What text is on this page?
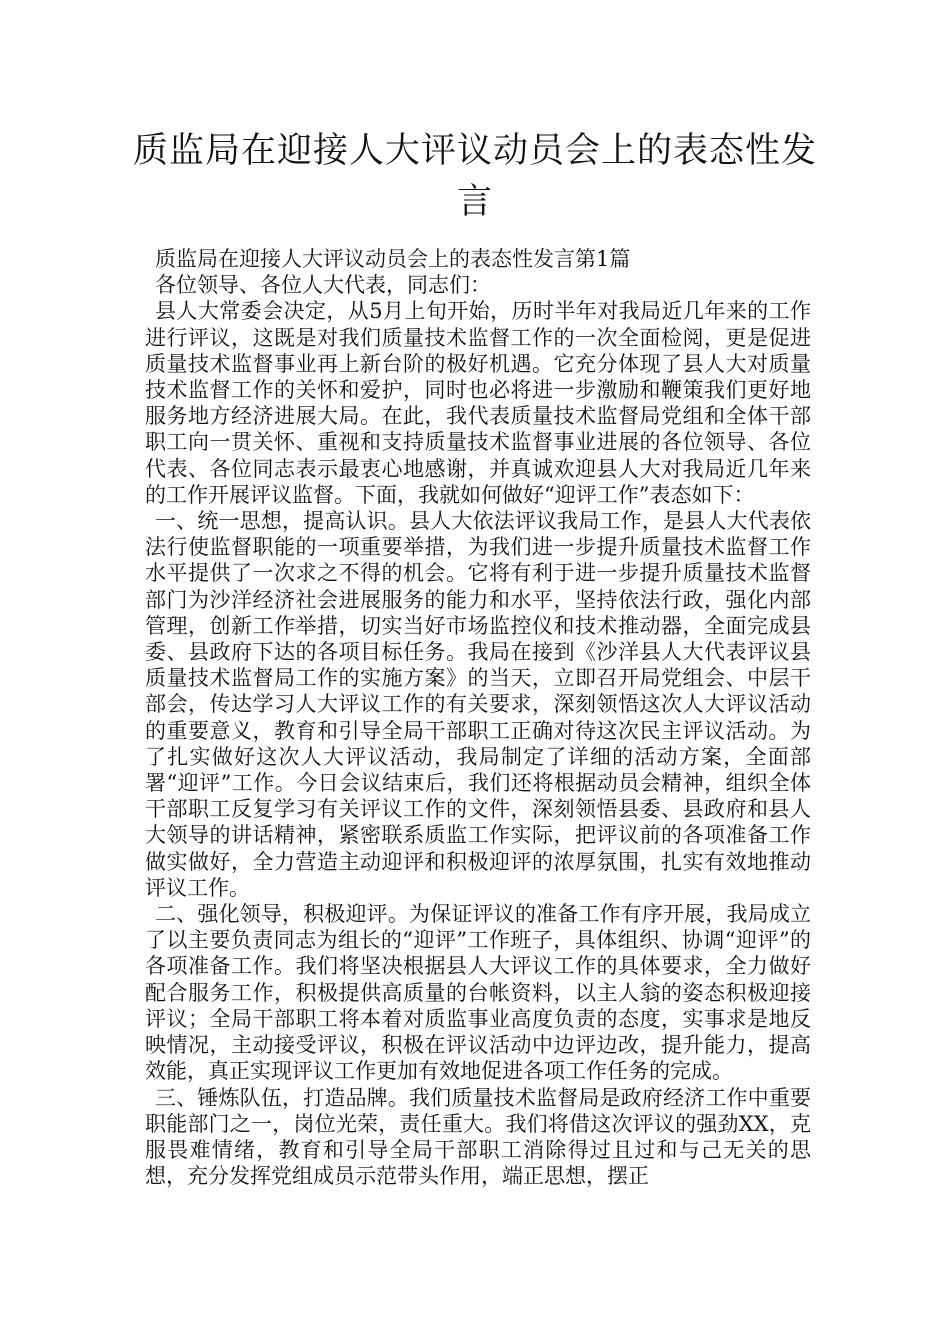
质监局在迎接人大评议动员会上的表态性发言

质监局在迎接人大评议动员会上的表态性发言第1篇

各位领导、各位人大代表，同志们：

县人大常委会决定，从5月上旬开始，历时半年对我局近几年来的工作进行评议，这既是对我们质量技术监督工作的一次全面检阅，更是促进质量技术监督事业再上新台阶的极好机遇。它充分体现了县人大对质量技术监督工作的关怀和爱护，同时也必将进一步激励和鞭策我们更好地服务地方经济进展大局。在此，我代表质量技术监督局党组和全体干部职工向一贯关怀、重视和支持质量技术监督事业进展的各位领导、各位代表、各位同志表示最衷心地感谢，并真诚欢迎县人大对我局近几年来的工作开展评议监督。下面，我就如何做好“迎评工作”表态如下：

一、统一思想，提高认识。县人大依法评议我局工作，是县人大代表依法行使监督职能的一项重要举措，为我们进一步提升质量技术监督工作水平提供了一次求之不得的机会。它将有利于进一步提升质量技术监督部门为沙洋经济社会进展服务的能力和水平，坚持依法行政，强化内部管理，创新工作举措，切实当好市场监控仪和技术推动器，全面完成县委、县政府下达的各项目标任务。我局在接到《沙洋县人大代表评议县质量技术监督局工作的实施方案》的当天，立即召开局党组会、中层干部会，传达学习人大评议工作的有关要求，深刻领悟这次人大评议活动的重要意义，教育和引导全局干部职工正确对待这次民主评议活动。为了扎实做好这次人大评议活动，我局制定了详细的活动方案，全面部署“迎评”工作。今日会议结束后，我们还将根据动员会精神，组织全体干部职工反复学习有关评议工作的文件，深刻领悟县委、县政府和县人大领导的讲话精神，紧密联系质监工作实际，把评议前的各项准备工作做实做好，全力营造主动迎评和积极迎评的浓厚氛围，扎实有效地推动评议工作。

二、强化领导，积极迎评。为保证评议的准备工作有序开展，我局成立了以主要负责同志为组长的“迎评”工作班子，具体组织、协调“迎评”的各项准备工作。我们将坚决根据县人大评议工作的具体要求，全力做好配合服务工作，积极提供高质量的台帐资料，以主人翁的姿态积极迎接评议；全局干部职工将本着对质监事业高度负责的态度，实事求是地反映情况，主动接受评议，积极在评议活动中边评边改，提升能力，提高效能，真正实现评议工作更加有效地促进各项工作任务的完成。

三、锤炼队伍，打造品牌。我们质量技术监督局是政府经济工作中重要职能部门之一，岗位光荣，责任重大。我们将借这次评议的强劲XX，克服畏难情绪，教育和引导全局干部职工消除得过且过和与己无关的思想，充分发挥党组成员示范带头作用，端正思想，摆正
